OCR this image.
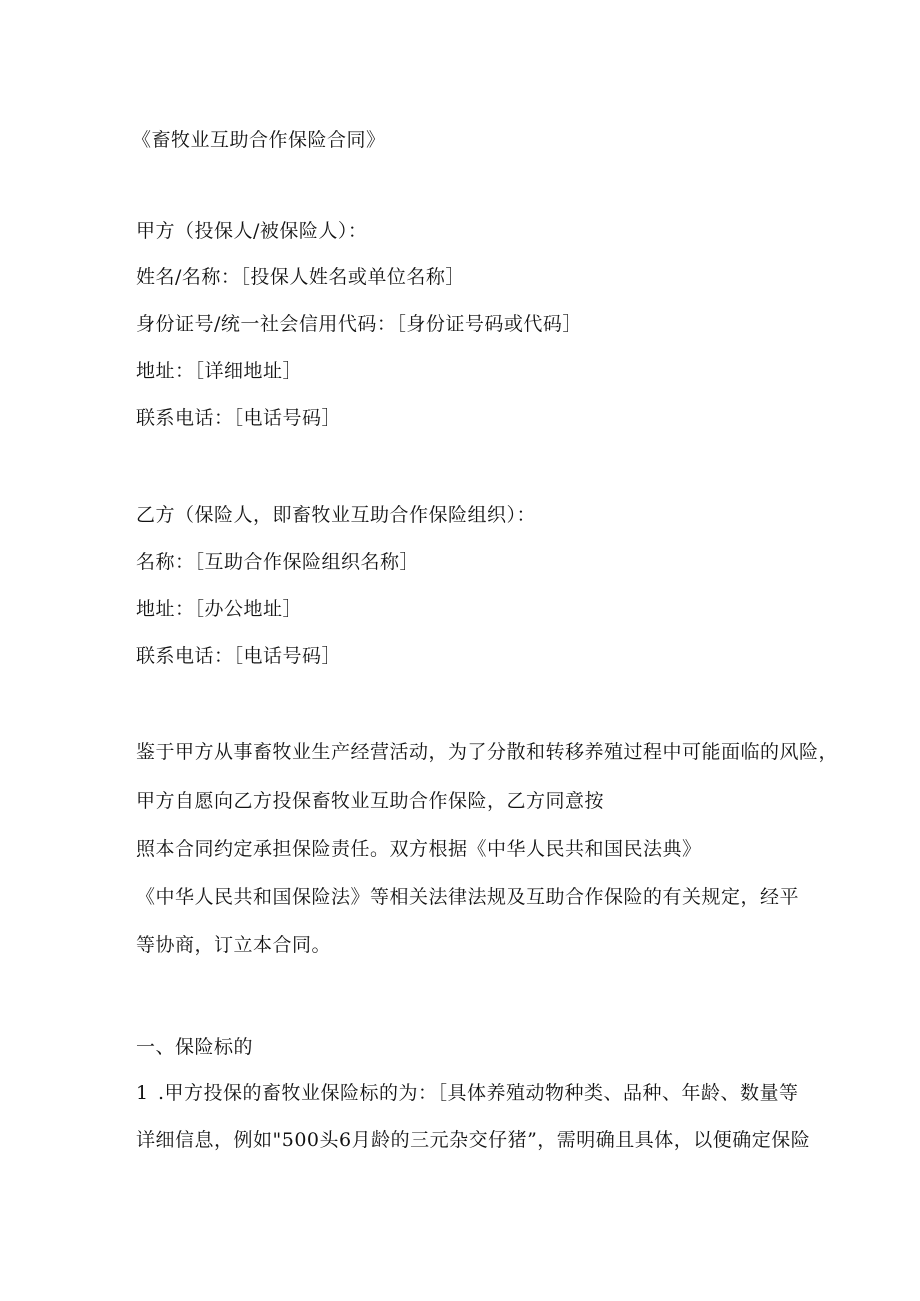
《畜牧业互助合作保险合同》
甲方（投保人/被保险人）：
姓名/名称：［投保人姓名或单位名称］
身份证号/统一社会信用代码：［身份证号码或代码］
地址：［详细地址］
联系电话：［电话号码］
乙方（保险人，即畜牧业互助合作保险组织）：
名称：［互助合作保险组织名称］
地址：［办公地址］
联系电话：［电话号码］
鉴于甲方从事畜牧业生产经营活动，为了分散和转移养殖过程中可能面临的风险，
甲方自愿向乙方投保畜牧业互助合作保险，乙方同意按
照本合同约定承担保险责任。双方根据《中华人民共和国民法典》
《中华人民共和国保险法》等相关法律法规及互助合作保险的有关规定，经平
等协商，订立本合同。
一、保险标的
1 .甲方投保的畜牧业保险标的为：［具体养殖动物种类、品种、年龄、数量等
详细信息，例如"500头6月龄的三元杂交仔猪”，需明确且具体，以便确定保险
